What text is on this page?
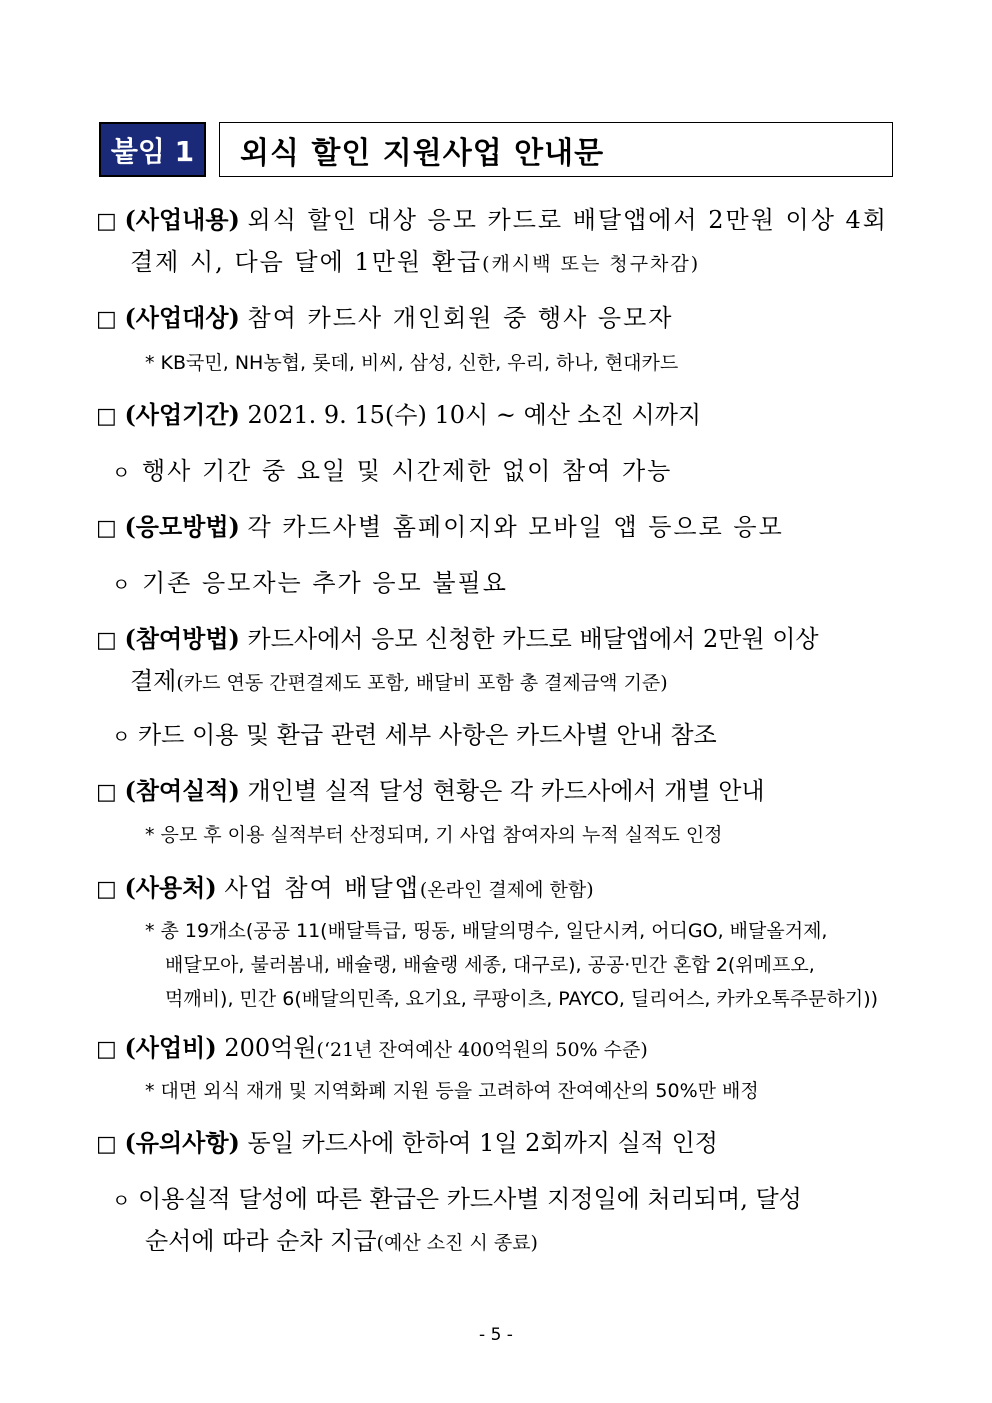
붙임 1	외식 할인 지원사업 안내문
□ (사업내용) 외식 할인 대상 응모 카드로 배달앱에서 2만원 이상 4회
결제 시, 다음 달에 1만원 환급(캐시백 또는 청구차감)
□ (사업대상) 참여 카드사 개인회원 중 행사 응모자
* KB국민, NH농협, 롯데, 비씨, 삼성, 신한, 우리, 하나, 현대카드
□ (사업기간) 2021. 9. 15(수) 10시 ~ 예산 소진 시까지
ㅇ 행사 기간 중 요일 및 시간제한 없이 참여 가능
□ (응모방법) 각 카드사별 홈페이지와 모바일 앱 등으로 응모
ㅇ 기존 응모자는 추가 응모 불필요
□ (참여방법) 카드사에서 응모 신청한 카드로 배달앱에서 2만원 이상
결제(카드 연동 간편결제도 포함, 배달비 포함 총 결제금액 기준)
ㅇ 카드 이용 및 환급 관련 세부 사항은 카드사별 안내 참조
□ (참여실적) 개인별 실적 달성 현황은 각 카드사에서 개별 안내
* 응모 후 이용 실적부터 산정되며, 기 사업 참여자의 누적 실적도 인정
□ (사용처) 사업 참여 배달앱(온라인 결제에 한함)
* 총 19개소(공공 11(배달특급, 띵동, 배달의명수, 일단시켜, 어디GO, 배달올거제,
배달모아, 불러봄내, 배슐랭, 배슐랭 세종, 대구로), 공공·민간 혼합 2(위메프오,
먹깨비), 민간 6(배달의민족, 요기요, 쿠팡이츠, PAYCO, 딜리어스, 카카오톡주문하기))
□ (사업비) 200억원(‘21년 잔여예산 400억원의 50% 수준)
* 대면 외식 재개 및 지역화폐 지원 등을 고려하여 잔여예산의 50%만 배정
□ (유의사항) 동일 카드사에 한하여 1일 2회까지 실적 인정
ㅇ 이용실적 달성에 따른 환급은 카드사별 지정일에 처리되며, 달성
순서에 따라 순차 지급(예산 소진 시 종료)
- 5 -
